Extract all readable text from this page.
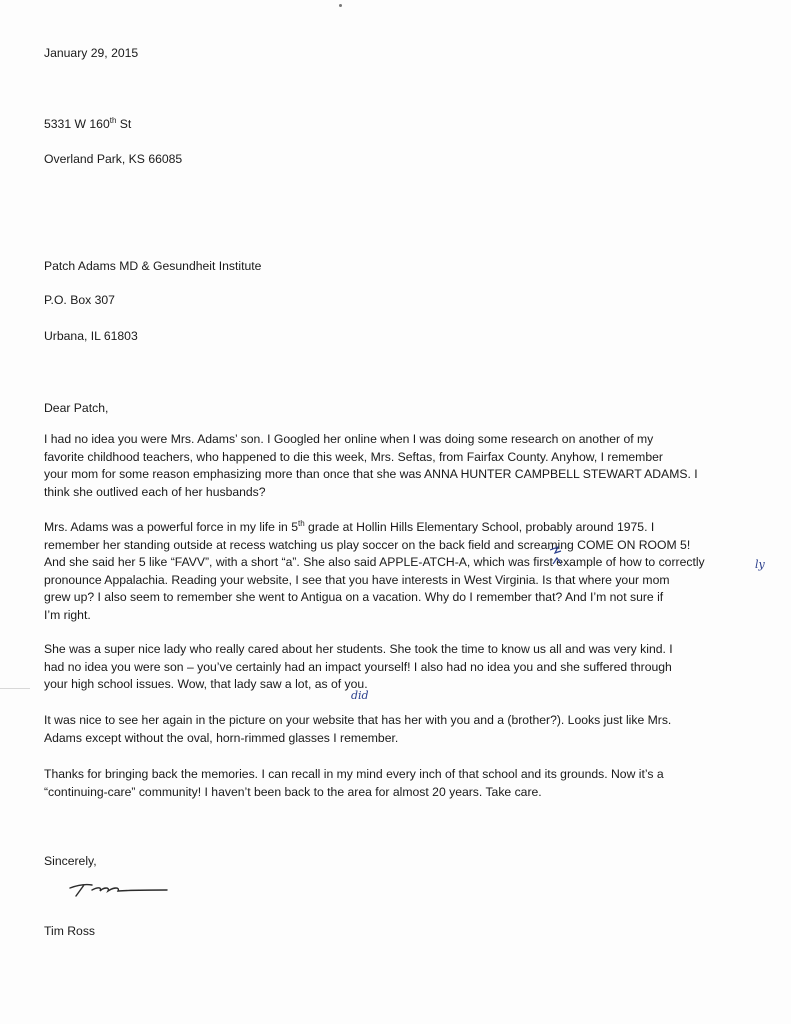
January 29, 2015
5331 W 160th St
Overland Park, KS 66085
Patch Adams MD & Gesundheit Institute
P.O. Box 307
Urbana, IL 61803
Dear Patch,
I had no idea you were Mrs. Adams’ son. I Googled her online when I was doing some research on another of my
favorite childhood teachers, who happened to die this week, Mrs. Seftas, from Fairfax County. Anyhow, I remember
your mom for some reason emphasizing more than once that she was ANNA HUNTER CAMPBELL STEWART ADAMS. I
think she outlived each of her husbands?
Mrs. Adams was a powerful force in my life in 5th grade at Hollin Hills Elementary School, probably around 1975. I
remember her standing outside at recess watching us play soccer on the back field and screaming COME ON ROOM 5!
And she said her 5 like “FAVV”, with a short “a”. She also said APPLE-ATCH-A, which was first example of how to correctly
pronounce Appalachia. Reading your website, I see that you have interests in West Virginia. Is that where your mom
grew up? I also seem to remember she went to Antigua on a vacation. Why do I remember that? And I’m not sure if
I’m right.
ly
She was a super nice lady who really cared about her students. She took the time to know us all and was very kind. I
had no idea you were son – you’ve certainly had an impact yourself! I also had no idea you and she suffered through
your high school issues. Wow, that lady saw a lot, as of you.
did
It was nice to see her again in the picture on your website that has her with you and a (brother?). Looks just like Mrs.
Adams except without the oval, horn-rimmed glasses I remember.
Thanks for bringing back the memories. I can recall in my mind every inch of that school and its grounds. Now it’s a
“continuing-care” community! I haven’t been back to the area for almost 20 years. Take care.
Sincerely,
Tim Ross
